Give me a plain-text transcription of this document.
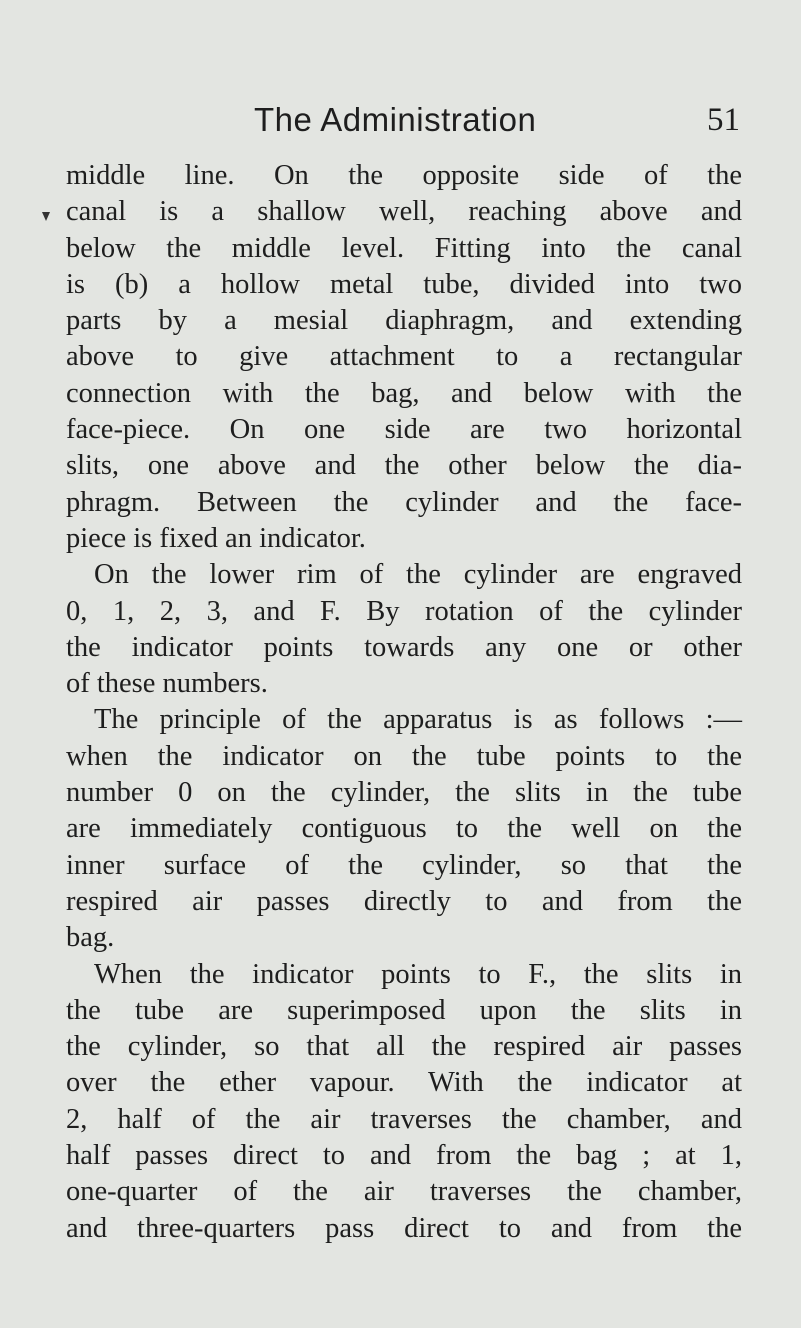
The Administration	51
middle line. On the opposite side of the
canal is a shallow well, reaching above and
below the middle level. Fitting into the canal
is (b) a hollow metal tube, divided into two
parts by a mesial diaphragm, and extending
above to give attachment to a rectangular
connection with the bag, and below with the
face-piece. On one side are two horizontal
slits, one above and the other below the dia-
phragm. Between the cylinder and the face-
piece is fixed an indicator.
On the lower rim of the cylinder are engraved
0, 1, 2, 3, and F. By rotation of the cylinder
the indicator points towards any one or other
of these numbers.
The principle of the apparatus is as follows :—
when the indicator on the tube points to the
number 0 on the cylinder, the slits in the tube
are immediately contiguous to the well on the
inner surface of the cylinder, so that the
respired air passes directly to and from the
bag.
When the indicator points to F., the slits in
the tube are superimposed upon the slits in
the cylinder, so that all the respired air passes
over the ether vapour. With the indicator at
2, half of the air traverses the chamber, and
half passes direct to and from the bag ; at 1,
one-quarter of the air traverses the chamber,
and three-quarters pass direct to and from the
